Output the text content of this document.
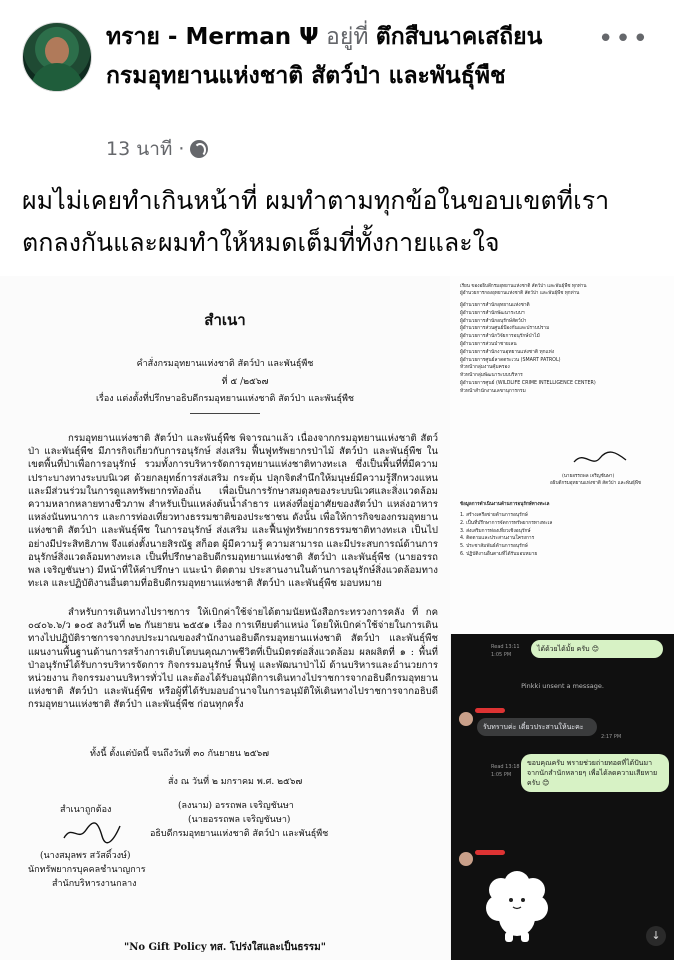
ทราย - Merman Ψ อยู่ที่ ตึกสืบนาคเสถียน กรมอุทยานแห่งชาติ สัตว์ป่า และพันธุ์พืช
•••
13 นาที ·
ผมไม่เคยทำเกินหน้าที่ ผมทำตามทุกข้อในขอบเขตที่เราตกลงกันและผมทำให้หมดเต็มที่ทั้งกายและใจ
สำเนา
คำสั่งกรมอุทยานแห่งชาติ สัตว์ป่า และพันธุ์พืช
ที่ ๕ /๒๕๖๗
เรื่อง แต่งตั้งที่ปรึกษาอธิบดีกรมอุทยานแห่งชาติ สัตว์ป่า และพันธุ์พืช
กรมอุทยานแห่งชาติ สัตว์ป่า และพันธุ์พืช พิจารณาแล้ว เนื่องจากกรมอุทยานแห่งชาติ สัตว์ป่า และพันธุ์พืช มีภารกิจเกี่ยวกับการอนุรักษ์ ส่งเสริม ฟื้นฟูทรัพยากรป่าไม้ สัตว์ป่า และพันธุ์พืช ในเขตพื้นที่ป่าเพื่อการอนุรักษ์ รวมทั้งการบริหารจัดการอุทยานแห่งชาติทางทะเล ซึ่งเป็นพื้นที่ที่มีความเปราะบางทางระบบนิเวศ ด้วยกลยุทธ์การส่งเสริม กระตุ้น ปลุกจิตสำนึกให้มนุษย์มีความรู้สึกหวงแหน และมีส่วนร่วมในการดูแลทรัพยากรท้องถิ่น เพื่อเป็นการรักษาสมดุลของระบบนิเวศและสิ่งแวดล้อม ความหลากหลายทางชีวภาพ สำหรับเป็นแหล่งต้นน้ำลำธาร แหล่งที่อยู่อาศัยของสัตว์ป่า แหล่งอาหาร แหล่งนันทนาการ และการท่องเที่ยวทางธรรมชาติของประชาชน ดังนั้น เพื่อให้การกิจของกรมอุทยานแห่งชาติ สัตว์ป่า และพันธุ์พืช ในการอนุรักษ์ ส่งเสริม และฟื้นฟูทรัพยากรธรรมชาติทางทะเล เป็นไปอย่างมีประสิทธิภาพ จึงแต่งตั้งนายสิรณัฐ สก็อต ผู้มีความรู้ ความสามารถ และมีประสบการณ์ด้านการอนุรักษ์สิ่งแวดล้อมทางทะเล เป็นที่ปรึกษาอธิบดีกรมอุทยานแห่งชาติ สัตว์ป่า และพันธุ์พืช (นายอรรถพล เจริญชันษา) มีหน้าที่ให้คำปรึกษา แนะนำ ติดตาม ประสานงานในด้านการอนุรักษ์สิ่งแวดล้อมทางทะเล และปฏิบัติงานอื่นตามที่อธิบดีกรมอุทยานแห่งชาติ สัตว์ป่า และพันธุ์พืช มอบหมาย
สำหรับการเดินทางไปราชการ ให้เบิกค่าใช้จ่ายได้ตามนัยหนังสือกระทรวงการคลัง ที่ กค ๐๔๐๖.๖/ว ๑๐๕ ลงวันที่ ๒๒ กันยายน ๒๕๕๑ เรื่อง การเทียบตำแหน่ง โดยให้เบิกค่าใช้จ่ายในการเดินทางไปปฏิบัติราชการจากงบประมาณของสำนักงานอธิบดีกรมอุทยานแห่งชาติ สัตว์ป่า และพันธุ์พืช แผนงานพื้นฐานด้านการสร้างการเติบโตบนคุณภาพชีวิตที่เป็นมิตรต่อสิ่งแวดล้อม ผลผลิตที่ ๑ : พื้นที่ป่าอนุรักษ์ได้รับการบริหารจัดการ กิจกรรมอนุรักษ์ ฟื้นฟู และพัฒนาป่าไม้ ด้านบริหารและอำนวยการหน่วยงาน กิจกรรมงานบริหารทั่วไป และต้องได้รับอนุมัติการเดินทางไปราชการจากอธิบดีกรมอุทยานแห่งชาติ สัตว์ป่า และพันธุ์พืช หรือผู้ที่ได้รับมอบอำนาจในการอนุมัติให้เดินทางไปราชการจากอธิบดีกรมอุทยานแห่งชาติ สัตว์ป่า และพันธุ์พืช ก่อนทุกครั้ง
ทั้งนี้ ตั้งแต่บัดนี้ จนถึงวันที่ ๓๐ กันยายน ๒๕๖๗
สั่ง ณ วันที่ ๒ มกราคม พ.ศ. ๒๕๖๗
(ลงนาม) อรรถพล เจริญชันษา
(นายอรรถพล เจริญชันษา)
อธิบดีกรมอุทยานแห่งชาติ สัตว์ป่า และพันธุ์พืช
สำเนาถูกต้อง
(นางสมุลพร สวัสดิ์วงษ์)
นักทรัพยากรบุคคลชำนาญการ
สำนักบริหารงานกลาง
"No Gift Policy ทส. โปร่งใสและเป็นธรรม"
เรียน ของอธิบดีกรมอุทยานแห่งชาติ สัตว์ป่า และพันธุ์พืช ทุกท่าน
ผู้อำนวยการกองอุทยานแห่งชาติ สัตว์ป่า และพันธุ์พืช ทุกท่าน
ผู้อำนวยการสำนักอุทยานแห่งชาติ
ผู้อำนวยการสำนักพัฒนาระบบฯ
ผู้อำนวยการสำนักอนุรักษ์สัตว์ป่า
ผู้อำนวยการส่วนศูนย์ป้องกันและปราบปราม
ผู้อำนวยการสำนักวิจัยการอนุรักษ์ป่าไม้
ผู้อำนวยการส่วนป่าชายเลน
ผู้อำนวยการสำนักงานอุทยานแห่งชาติ ทุกแห่ง
ผู้อำนวยการศูนย์ลาดตระเวน (SMART PATROL)
หัวหน้ากลุ่มงานคุ้มครอง
หัวหน้ากลุ่มพัฒนาระบบบริหาร
ผู้อำนวยการศูนย์ (WILDLIFE CRIME INTELLIGENCE CENTER)
หัวหน้าสำนักงานเลขานุการกรม
(นายอรรถพล เจริญชันษา)
อธิบดีกรมอุทยานแห่งชาติ สัตว์ป่า และพันธุ์พืช
ข้อมูลการดำเนินงานด้านการอนุรักษ์ทางทะเล
1. สร้างเครือข่ายด้านการอนุรักษ์
2. เป็นที่ปรึกษาการจัดการทรัพยากรทางทะเล
3. ส่งเสริมการท่องเที่ยวเชิงอนุรักษ์
4. ติดตามและประสานงานโครงการ
5. ประชาสัมพันธ์ด้านการอนุรักษ์
6. ปฏิบัติงานอื่นตามที่ได้รับมอบหมาย
Read 13:11
1:05 PM
ได้ด้วยได้มั้ย ครับ 😊
Pinkki unsent a message.
รับทราบค่ะ เดี๋ยวประสานให้นะคะ
2:17 PM
Read 13:18
1:05 PM
ขอบคุณครับ พรายช่วยถ่ายทอดที่ได้ปันมาจากนักสำนักหลายๆ เพื่อได้ลดความเสียหายครับ 😊
↓
